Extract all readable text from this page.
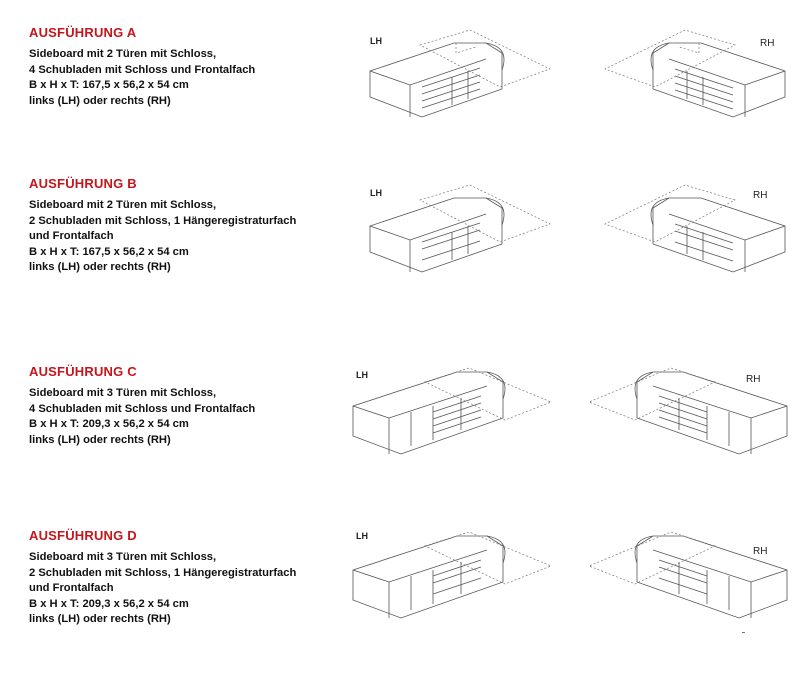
AUSFÜHRUNG A
Sideboard mit 2 Türen mit Schloss,
4 Schubladen mit Schloss und Frontalfach
B x H x T: 167,5 x 56,2 x 54 cm
links (LH) oder rechts (RH)
LH	RH
AUSFÜHRUNG B
Sideboard mit 2 Türen mit Schloss,
2 Schubladen mit Schloss, 1 Hängeregistraturfach
und Frontalfach
B x H x T: 167,5 x 56,2 x 54 cm
links (LH) oder rechts (RH)
LH	RH
AUSFÜHRUNG C
Sideboard mit 3 Türen mit Schloss,
4 Schubladen mit Schloss und Frontalfach
B x H x T: 209,3 x 56,2 x 54 cm
links (LH) oder rechts (RH)
LH	RH
AUSFÜHRUNG D
Sideboard mit 3 Türen mit Schloss,
2 Schubladen mit Schloss, 1 Hängeregistraturfach
und Frontalfach
B x H x T: 209,3 x 56,2 x 54 cm
links (LH) oder rechts (RH)
LH
RH
